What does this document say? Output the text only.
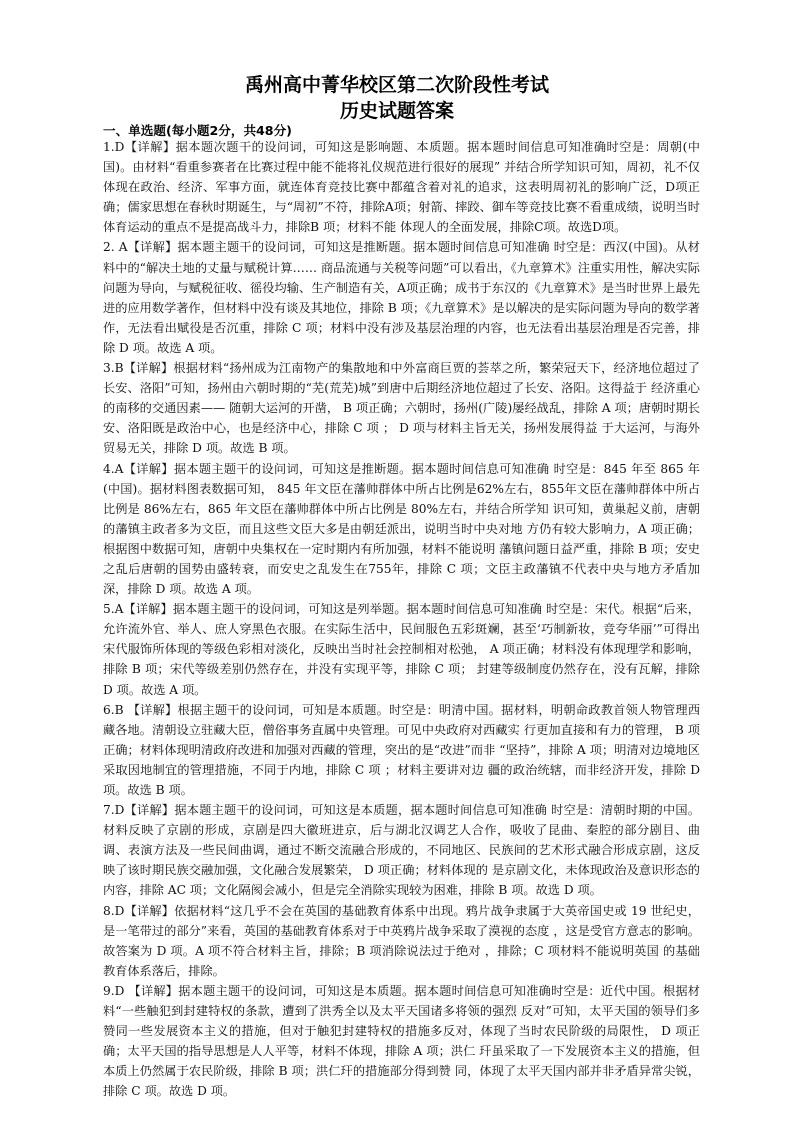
禹州高中菁华校区第二次阶段性考试
历史试题答案
一、单选题(每小题2分，共48分)
1.D【详解】据本题次题干的设问词，可知这是影响题、本质题。据本题时间信息可知准确时空是：周朝(中国)。由材料“看重参赛者在比赛过程中能不能将礼仪规范进行很好的展现” 并结合所学知识可知，周初，礼不仅体现在政治、经济、军事方面，就连体育竞技比赛中都蕴含着对礼的追求，这表明周初礼的影响广泛，D项正确；儒家思想在春秋时期诞生，与“周初”不符，排除A项；射箭、摔跤、御车等竞技比赛不看重成绩，说明当时体育运动的重点不是提高战斗力，排除B 项；材料不能 体现人的全面发展，排除C项。故选D项。
2. A【详解】据本题主题干的设问词，可知这是推断题。据本题时间信息可知准确 时空是：西汉(中国)。从材料中的“解决土地的丈量与赋税计算…… 商品流通与关税等问题”可以看出，《九章算术》注重实用性，解决实际问题为导向，与赋税征收、徭役均输、生产制造有关，A项正确；成书于东汉的《九章算术》是当时世界上最先进的应用数学著作，但材料中没有谈及其地位，排除 B 项；《九章算术》是以解决的是实际问题为导向的数学著作，无法看出赋役是否沉重，排除 C 项；材料中没有涉及基层治理的内容，也无法看出基层治理是否完善，排除 D 项。故选 A 项。
3.B【详解】根据材料“扬州成为江南物产的集散地和中外富商巨贾的荟萃之所，繁荣冠天下，经济地位超过了长安、洛阳”可知，扬州由六朝时期的“芜(荒芜)城”到唐中后期经济地位超过了长安、洛阳。这得益于 经济重心的南移的交通因素—— 随朝大运河的开凿， B 项正确；六朝时，扬州(广陵)屡经战乱，排除 A 项；唐朝时期长安、洛阳既是政治中心，也是经济中心，排除 C 项 ； D 项与材料主旨无关，扬州发展得益 于大运河，与海外贸易无关，排除 D 项。故选 B 项。
4.A【详解】据本题主题干的设问词，可知这是推断题。据本题时间信息可知准确 时空是：845 年至 865 年(中国)。据材料图表数据可知， 845 年文臣在藩帅群体中所占比例是62%左右，855年文臣在藩帅群体中所占比例是 86%左右，865 年文臣在藩帅群体中所占比例是 80%左右，并结合所学知 识可知，黄巢起义前，唐朝的藩镇主政者多为文臣，而且这些文臣大多是由朝廷派出，说明当时中央对地 方仍有较大影响力，A 项正确；根据图中数据可知，唐朝中央集权在一定时期内有所加强，材料不能说明 藩镇问题日益严重，排除 B 项；安史之乱后唐朝的国势由盛转衰，而安史之乱发生在755年，排除 C 项；文臣主政藩镇不代表中央与地方矛盾加深，排除 D 项。故选 A 项。
5.A【详解】据本题主题干的设问词，可知这是列举题。据本题时间信息可知准确 时空是：宋代。根据“后来，允许流外官、举人、庶人穿黑色衣服。在实际生活中，民间服色五彩斑斓，甚至‘巧制新妆，竞夸华丽’”可得出宋代服饰所体现的等级色彩相对淡化，反映出当时社会控制相对松弛， A 项正确；材料没有体现理学和影响，排除 B 项；宋代等级差别仍然存在，并没有实现平等，排除 C 项； 封建等级制度仍然存在，没有瓦解，排除 D 项。故选 A 项。
6.B 【详解】根据主题干的设问词，可知是本质题。时空是：明清中国。据材料，明朝命政教首领人物管理西藏各地。清朝设立驻藏大臣，僧俗事务直属中央管理。可见中央政府对西藏实 行更加直接和有力的管理， B 项正确；材料体现明清政府改进和加强对西藏的管理，突出的是“改进”而非 “坚持”，排除 A 项；明清对边境地区采取因地制宜的管理措施，不同于内地，排除 C 项 ；材料主要讲对边 疆的政治统辖，而非经济开发，排除 D 项。故选 B 项。
7.D【详解】据本题主题干的设问词，可知这是本质题，据本题时间信息可知准确 时空是：清朝时期的中国。材料反映了京剧的形成，京剧是四大徽班进京，后与湖北汉调艺人合作，吸收了昆曲、秦腔的部分剧目、曲调、表演方法及一些民间曲调，通过不断交流融合形成的，不同地区、民族间的艺术形式融合形成京剧，这反映了该时期民族交融加强，文化融合发展繁荣， D 项正确；材料体现的 是京剧文化，未体现政治及意识形态的内容，排除 AC 项；文化隔阂会减小，但是完全消除实现较为困难，排除 B 项。故选 D 项。
8.D【详解】依据材料“这几乎不会在英国的基础教育体系中出现。鸦片战争隶属于大英帝国史或 19 世纪史，是一笔带过的部分”来看，英国的基础教育体系对于中英鸦片战争采取了漠视的态度 ，这是受官方意志的影响。故答案为 D 项。A 项不符合材料主旨，排除；B 项消除说法过于绝对 ，排除；C 项材料不能说明英国 的基础教育体系落后，排除。
9.D 【详解】据本题主题干的设问词，可知这是本质题。据本题时间信息可知准确时空是：近代中国。根据材料“一些触犯到封建特权的条款，遭到了洪秀全以及太平天国诸多将领的强烈 反对”可知，太平天国的领导们多赞同一些发展资本主义的措施，但对于触犯封建特权的措施多反对，体现了当时农民阶级的局限性， D 项正确；太平天国的指导思想是人人平等，材料不体现，排除 A 项；洪仁 玕虽采取了一下发展资本主义的措施，但本质上仍然属于农民阶级，排除 B 项；洪仁玕的措施部分得到赞 同，体现了太平天国内部并非矛盾异常尖锐，排除 C 项。故选 D 项。
